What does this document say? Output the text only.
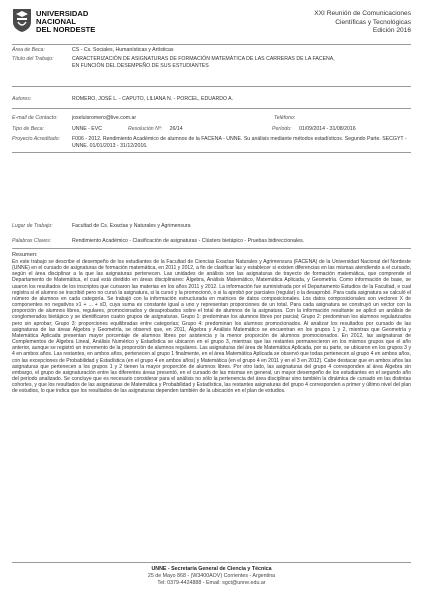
UNIVERSIDAD
NACIONAL
DEL NORDESTE
XXI Reunión de Comunicaciones
Científicas y Tecnológicas
Edición 2016
Área de Beca:	CS - Cs. Sociales, Humanísticas y Artísticas
Título del Trabajo:	CARACTERIZACIÓN DE ASIGNATURAS DE FORMACIÓN MATEMÁTICA DE LAS CARRERAS DE LA FACENA, EN FUNCIÓN DEL DESEMPEÑO DE SUS ESTUDIANTES
Autores:	ROMERO, JOSÉ L. - CAPUTO, LILIANA N. - PORCEL, EDUARDO A.
E-mail de Contacto:	joseluisromero@live.com.ar	Teléfono:
Tipo de Beca:	UNNE - EVC	Resolución Nº: 26/14	Período: 01/09/2014 - 31/08/2016
Proyecto Acreditado:	F006 - 2012. Rendimiento Académico de alumnos de la FACENA - UNNE. Su análisis mediante métodos estadísticos. Segundo Parte. SECGYT - UNNE. 01/01/2013 - 31/12/2016.
Lugar de Trabajo:	Facultad de Cs. Exactas y Naturales y Agrimensura
Palabras Claves:	Rendimiento Académico - Clasificación de asignaturas - Clústers bietápico - Pruebas bidireccionales.
Resumen:
En este trabajo se describe el desempeño de los estudiantes de la Facultad de Ciencias Exactas Naturales y Agrimensura (FACENA) de la Universidad Nacional del Nordeste (UNNE) en el cursado de asignaturas de formación matemática, en 2011 y 2012, a fin de clasificar las y establecer si existen diferencias en las mismas atendiendo a el cursado, según el área disciplinar a la que las asignaturas pertenecen. Las unidades de análisis son las asignaturas de trayecto de formación matemática, que comprende el Departamento de Matemática, el cual está dividido en áreas disciplinares: Álgebra, Análisis Matemático, Matemática Aplicada, y Geometría. Como información de base, se usaron los resultados de los inscriptos que cursaron las materias en los años 2011 y 2012. La información fue suministrada por el Departamento Estudios de la Facultad, e cual registra si el alumno se inscribió pero no cursó la asignatura, si la cursó y la promocionó, o si la aprobó por parciales (regular) o la desaprobó. Para cada asignatura se calculó el número de alumnos en cada categoría. Se trabajó con la información estructurada en matrices de datos composicionales. Los datos composicionales son vectores X de componentes no negativos x1 + ... + xD, cuya suma es constante igual a uno y representan proporciones de un total. Para cada asignatura se construyó un vector con la proporción de alumnos libres, regulares, promocionados y desaprobados sobre el total de alumnos de la asignatura. Con la información resultante se aplicó un análisis de conglomerados bietápico y se identificaron cuatro grupos de asignaturas. Grupo 1: predominan los alumnos libres por parcial; Grupo 2: predominan los alumnos regularizados pero sin aprobar; Grupo 3: proporciones equilibradas entre categorías; Grupo 4: predominan los alumnos promocionados. Al analizar los resultados por cursado de las asignaturas de las áreas Álgebra y Geometría, se observó que, en 2011, Álgebra y Análisis Matemático se encuentran en los grupos 1 y 2, mientras que Geometría y Matemática Aplicada presentan mayor porcentaje de alumnos libres por asistencia y la menor proporción de alumnos promocionados. En 2012, las asignaturas de Complementos de Álgebra Lineal, Análisis Numérico y Estadística se ubicaron en el grupo 3, mientras que las restantes permanecieron en los mismos grupos que el año anterior, aunque se registró un incremento de la proporción de alumnos regulares. Las asignaturas del área de Matemática Aplicada, por su parte, se ubicaron en los grupos 3 y 4 en ambos años. Las restantes, en ambos años, pertenecen al grupo 1 finalmente, en el área Matemática Aplicada se observó que todas pertenecen al grupo 4 en ambos años, con las excepciones de Probabilidad y Estadística (en el grupo 4 en ambos años) y Matemática (en el grupo 4 en 2011 y en el 3 en 2012). Cabe destacar que en ambos años las asignaturas que pertenecen a los grupos 1 y 2 tienen la mayor proporción de alumnos libres. Por otro lado, las asignaturas del grupo 4 corresponden al área Álgebra sin embargo, el grupo de asignaturación entre las diferentes áreas presentó, en el cursado de las mismas en general, un mayor desempeño de los estudiantes en el segundo año del periodo analizado. Se concluye que es necesario considerar para el análisis no sólo la pertenencia del área disciplinar sino también la dinámica de cursado en las distintas cohortes, y que los resultados de las asignaturas de Matemática y Probabilidad y Estadística, las restantes asignaturas del grupo 4 corresponden a primer y último nivel del plan de estudios, lo que indica que los resultados de las asignaturas dependen también de la ubicación en el plan de estudios.
UNNE - Secretaría General de Ciencia y Técnica
25 de Mayo 868 - (W3400AOV) Corrientes - Argentina
Tel: 0379-4424888 - Email: sgct@unne.edu.ar
